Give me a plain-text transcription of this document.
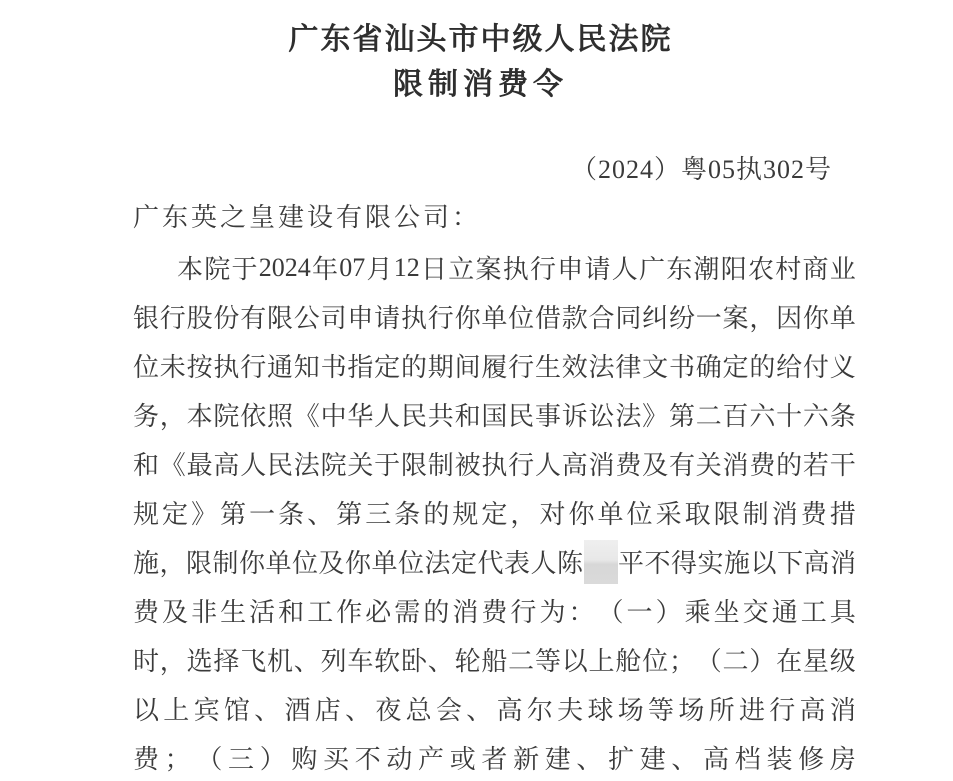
广东省汕头市中级人民法院
限制消费令
（2024）粤05执302号
广东英之皇建设有限公司：
本 院 于 2024 年 07 月 12 日 立 案 执 行 申 请 人 广 东 潮 阳 农 村 商 业
银 行 股 份 有 限 公 司 申 请 执 行 你 单 位 借 款 合 同 纠 纷 一 案 ， 因 你 单
位 未 按 执 行 通 知 书 指 定 的 期 间 履 行 生 效 法 律 文 书 确 定 的 给 付 义
务 ， 本 院 依 照 《 中 华 人 民 共 和 国 民 事 诉 讼 法 》 第 二 百 六 十 六 条
和 《 最 高 人 民 法 院 关 于 限 制 被 执 行 人 高 消 费 及 有 关 消 费 的 若 干
规 定 》 第 一 条 、 第 三 条 的 规 定 ， 对 你 单 位 采 取 限 制 消 费 措
施 ， 限 制 你 单 位 及 你 单 位 法 定 代 表 人 陈 平 不 得 实 施 以 下 高 消
费 及 非 生 活 和 工 作 必 需 的 消 费 行 为 ： （ 一 ） 乘 坐 交 通 工 具
时 ， 选 择 飞 机 、 列 车 软 卧 、 轮 船 二 等 以 上 舱 位 ； （ 二 ） 在 星 级
以 上 宾 馆 、 酒 店 、 夜 总 会 、 高 尔 夫 球 场 等 场 所 进 行 高 消
费 ； （ 三 ） 购 买 不 动 产 或 者 新 建 、 扩 建 、 高 档 装 修 房
